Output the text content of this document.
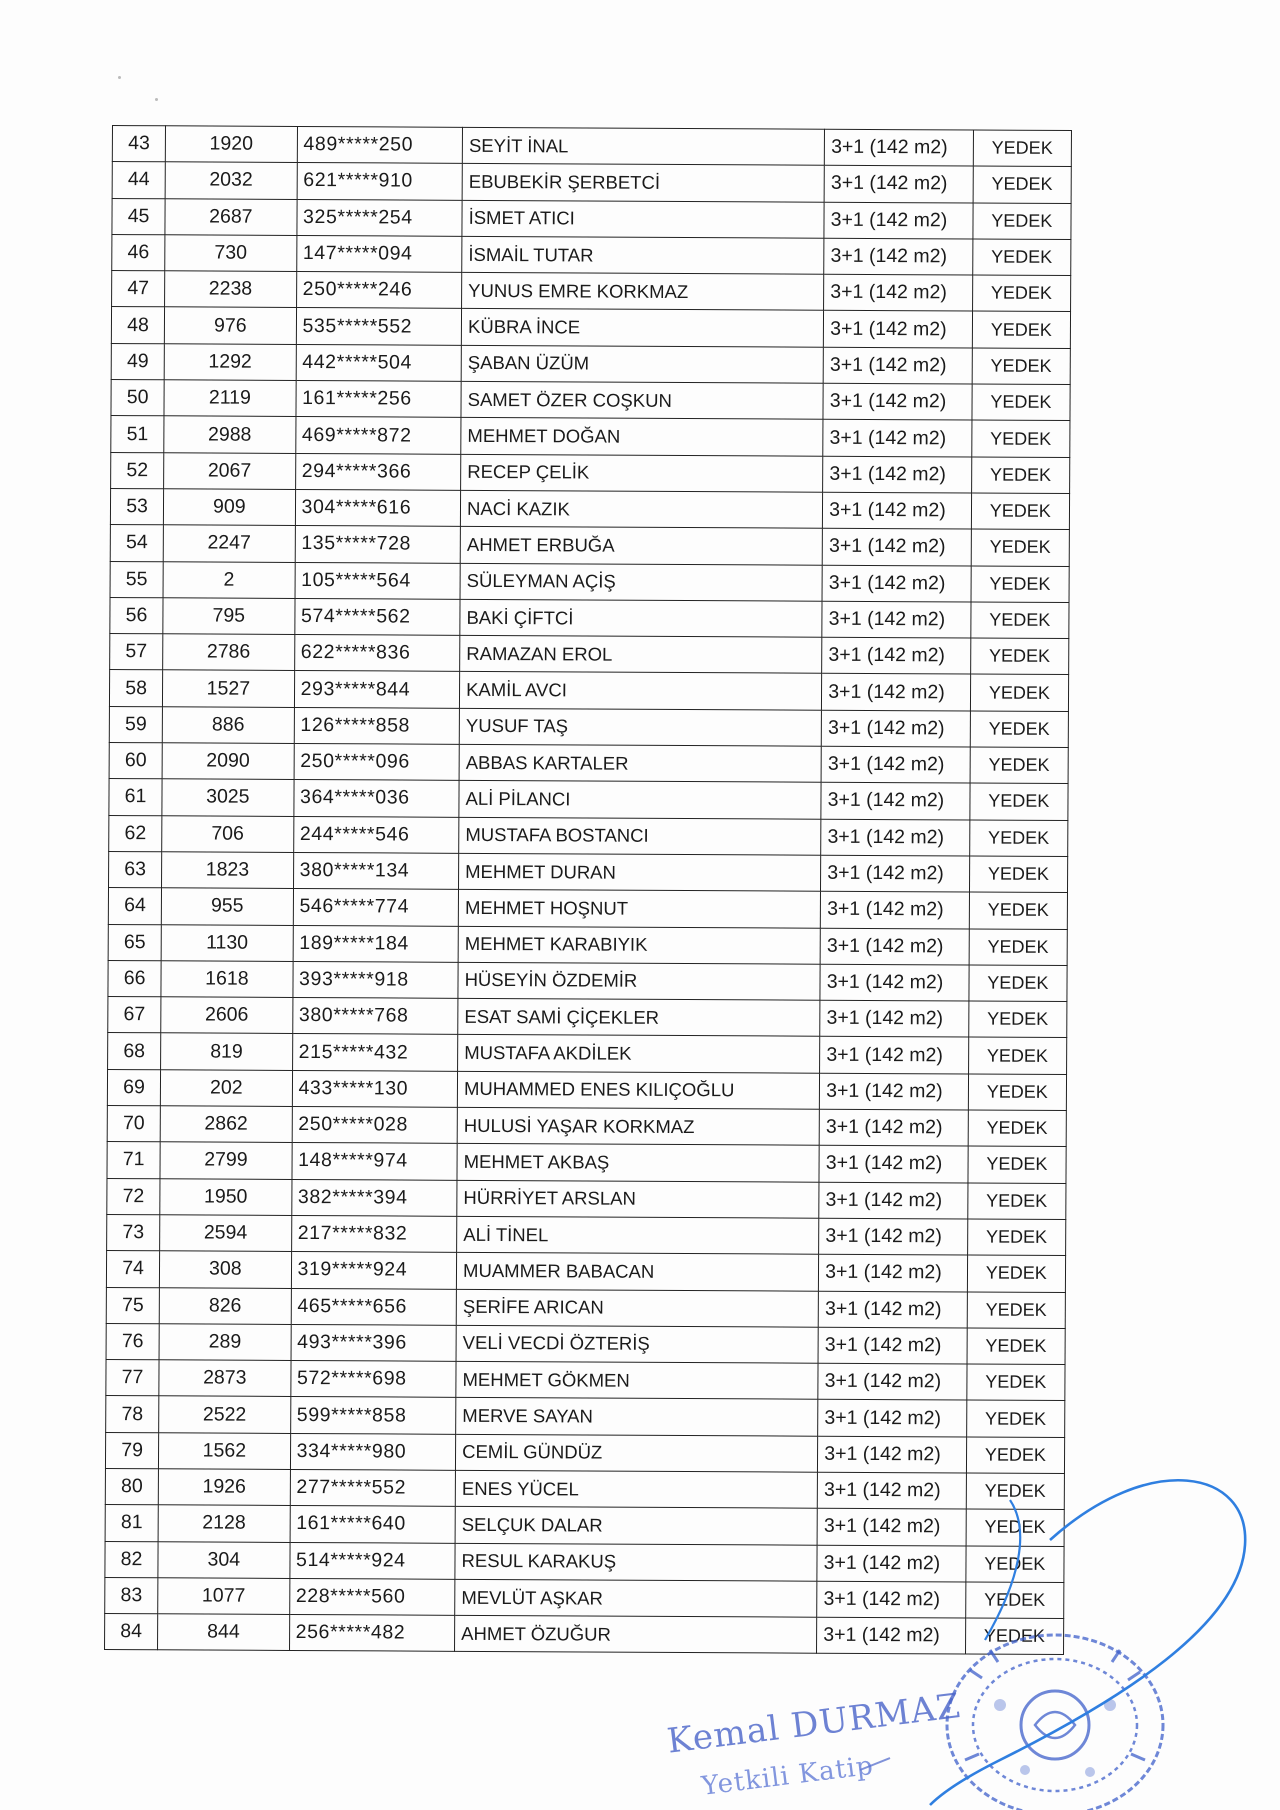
43	1920	489*****250	SEYİT İNAL	3+1 (142 m2)	YEDEK
44	2032	621*****910	EBUBEKİR ŞERBETCİ	3+1 (142 m2)	YEDEK
45	2687	325*****254	İSMET ATICI	3+1 (142 m2)	YEDEK
46	730	147*****094	İSMAİL TUTAR	3+1 (142 m2)	YEDEK
47	2238	250*****246	YUNUS EMRE KORKMAZ	3+1 (142 m2)	YEDEK
48	976	535*****552	KÜBRA İNCE	3+1 (142 m2)	YEDEK
49	1292	442*****504	ŞABAN ÜZÜM	3+1 (142 m2)	YEDEK
50	2119	161*****256	SAMET ÖZER COŞKUN	3+1 (142 m2)	YEDEK
51	2988	469*****872	MEHMET DOĞAN	3+1 (142 m2)	YEDEK
52	2067	294*****366	RECEP ÇELİK	3+1 (142 m2)	YEDEK
53	909	304*****616	NACİ KAZIK	3+1 (142 m2)	YEDEK
54	2247	135*****728	AHMET ERBUĞA	3+1 (142 m2)	YEDEK
55	2	105*****564	SÜLEYMAN AÇİŞ	3+1 (142 m2)	YEDEK
56	795	574*****562	BAKİ ÇİFTCİ	3+1 (142 m2)	YEDEK
57	2786	622*****836	RAMAZAN EROL	3+1 (142 m2)	YEDEK
58	1527	293*****844	KAMİL AVCI	3+1 (142 m2)	YEDEK
59	886	126*****858	YUSUF TAŞ	3+1 (142 m2)	YEDEK
60	2090	250*****096	ABBAS KARTALER	3+1 (142 m2)	YEDEK
61	3025	364*****036	ALİ PİLANCI	3+1 (142 m2)	YEDEK
62	706	244*****546	MUSTAFA BOSTANCI	3+1 (142 m2)	YEDEK
63	1823	380*****134	MEHMET DURAN	3+1 (142 m2)	YEDEK
64	955	546*****774	MEHMET HOŞNUT	3+1 (142 m2)	YEDEK
65	1130	189*****184	MEHMET KARABIYIK	3+1 (142 m2)	YEDEK
66	1618	393*****918	HÜSEYİN ÖZDEMİR	3+1 (142 m2)	YEDEK
67	2606	380*****768	ESAT SAMİ ÇİÇEKLER	3+1 (142 m2)	YEDEK
68	819	215*****432	MUSTAFA AKDİLEK	3+1 (142 m2)	YEDEK
69	202	433*****130	MUHAMMED ENES KILIÇOĞLU	3+1 (142 m2)	YEDEK
70	2862	250*****028	HULUSİ YAŞAR KORKMAZ	3+1 (142 m2)	YEDEK
71	2799	148*****974	MEHMET AKBAŞ	3+1 (142 m2)	YEDEK
72	1950	382*****394	HÜRRİYET ARSLAN	3+1 (142 m2)	YEDEK
73	2594	217*****832	ALİ TİNEL	3+1 (142 m2)	YEDEK
74	308	319*****924	MUAMMER BABACAN	3+1 (142 m2)	YEDEK
75	826	465*****656	ŞERİFE ARICAN	3+1 (142 m2)	YEDEK
76	289	493*****396	VELİ VECDİ ÖZTERİŞ	3+1 (142 m2)	YEDEK
77	2873	572*****698	MEHMET GÖKMEN	3+1 (142 m2)	YEDEK
78	2522	599*****858	MERVE SAYAN	3+1 (142 m2)	YEDEK
79	1562	334*****980	CEMİL GÜNDÜZ	3+1 (142 m2)	YEDEK
80	1926	277*****552	ENES YÜCEL	3+1 (142 m2)	YEDEK
81	2128	161*****640	SELÇUK DALAR	3+1 (142 m2)	YEDEK
82	304	514*****924	RESUL KARAKUŞ	3+1 (142 m2)	YEDEK
83	1077	228*****560	MEVLÜT AŞKAR	3+1 (142 m2)	YEDEK
84	844	256*****482	AHMET ÖZUĞUR	3+1 (142 m2)	YEDEK
Kemal DURMAZ
Yetkili Katip
